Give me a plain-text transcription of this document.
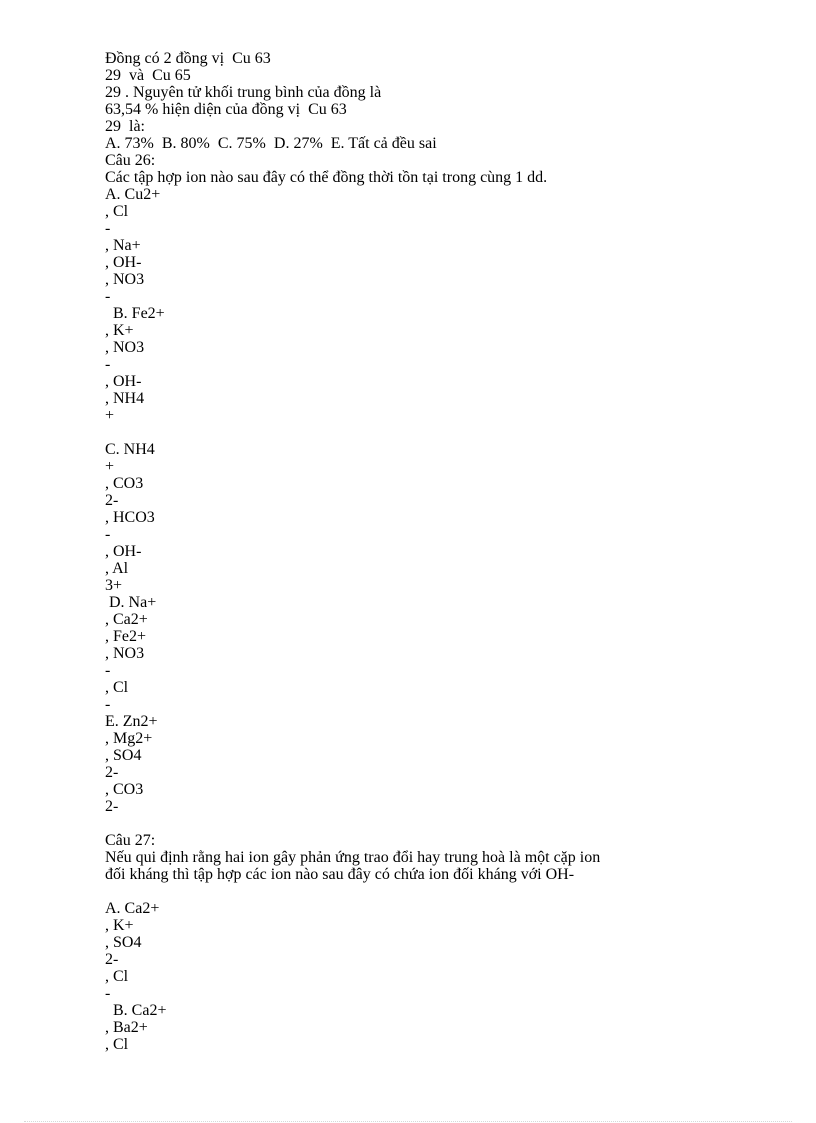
Đồng có 2 đồng vị  Cu 63
29  và  Cu 65
29 . Nguyên tử khối trung bình của đồng là
63,54 % hiện diện của đồng vị  Cu 63
29  là:
A. 73%  B. 80%  C. 75%  D. 27%  E. Tất cả đều sai
Câu 26:
Các tập hợp ion nào sau đây có thể đồng thời tồn tại trong cùng 1 dd.
A. Cu2+
, Cl
-
, Na+
, OH-
, NO3
-
B. Fe2+
, K+
, NO3
-
, OH-
, NH4
+
C. NH4
+
, CO3
2-
, HCO3
-
, OH-
, Al
3+
D. Na+
, Ca2+
, Fe2+
, NO3
-
, Cl
-
E. Zn2+
, Mg2+
, SO4
2-
, CO3
2-
Câu 27:
Nếu qui định rằng hai ion gây phản ứng trao đổi hay trung hoà là một cặp ion
đối kháng thì tập hợp các ion nào sau đây có chứa ion đối kháng với OH-
A. Ca2+
, K+
, SO4
2-
, Cl
-
B. Ca2+
, Ba2+
, Cl
